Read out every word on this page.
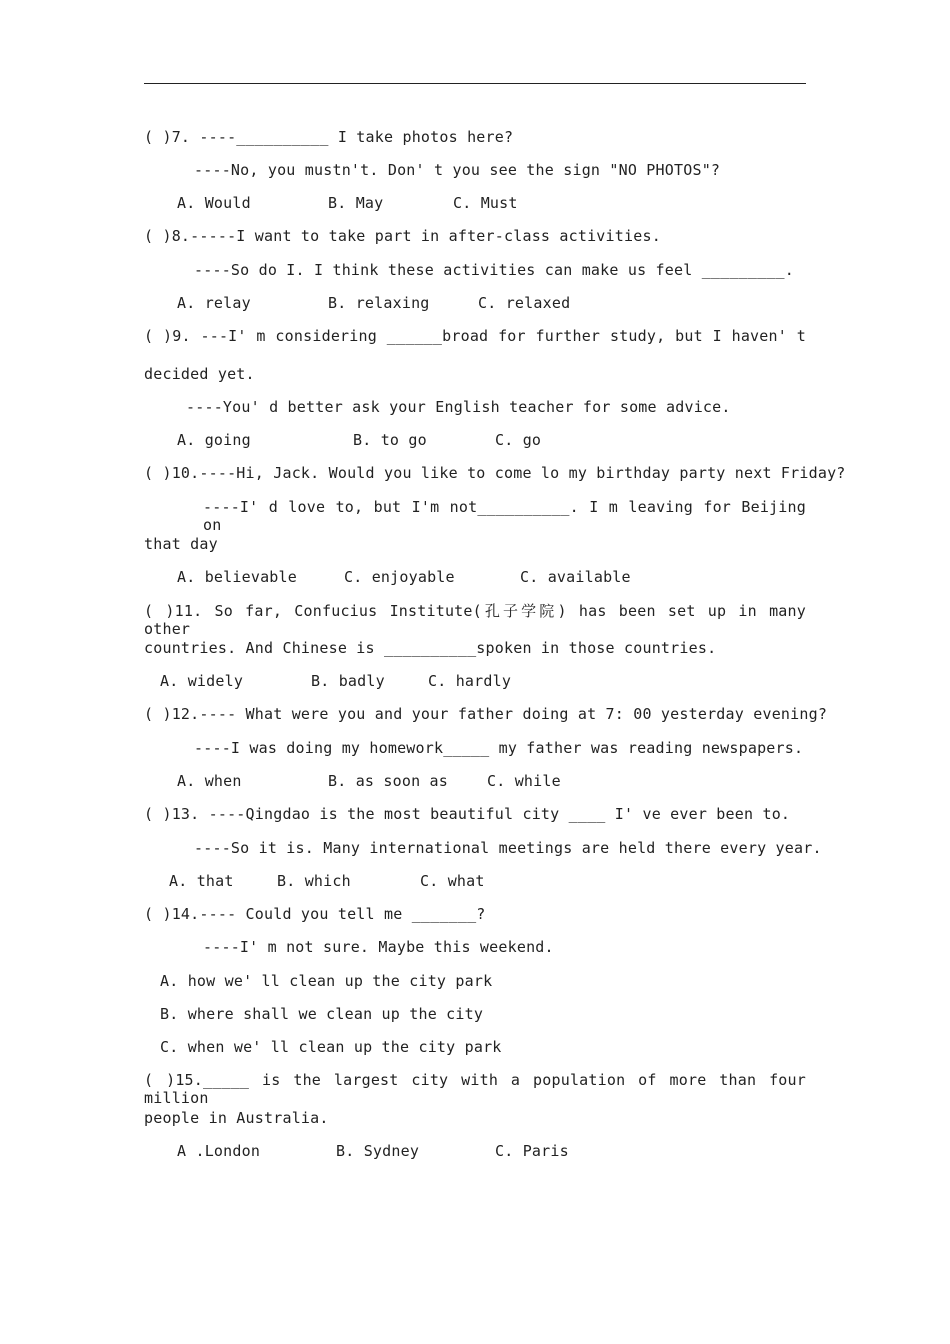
( )7. ----__________ I take photos here?
----No, you mustn't. Don' t you see the sign "NO PHOTOS"?
A. Would	B. May	C. Must
( )8.-----I want to take part in after-class activities.
----So do I. I think these activities can make us feel _________.
A. relay	B. relaxing	C. relaxed
( )9. ---I' m considering ______broad for further study, but I haven' t
decided yet.
----You' d better ask your English teacher for some advice.
A. going	B. to go	C. go
( )10.----Hi, Jack. Would you like to come lo my birthday party next Friday?
----I' d love to, but I'm not__________. I m leaving for Beijing on
that day
A. believable	C. enjoyable	C. available
( )11. So far, Confucius Institute(孔子学院) has been set up in many other
countries. And Chinese is __________spoken in those countries.
A. widely	B. badly	C. hardly
( )12.---- What were you and your father doing at 7: 00 yesterday evening?
----I was doing my homework_____ my father was reading newspapers.
A. when	B. as soon as	C. while
( )13. ----Qingdao is the most beautiful city ____ I' ve ever been to.
----So it is. Many international meetings are held there every year.
A. that	B. which	C. what
( )14.---- Could you tell me _______?
----I' m not sure. Maybe this weekend.
A. how we' ll clean up the city park
B. where shall we clean up the city
C. when we' ll clean up the city park
( )15._____ is the largest city with a population of more than four million
people in Australia.
A .London	B. Sydney	C. Paris
